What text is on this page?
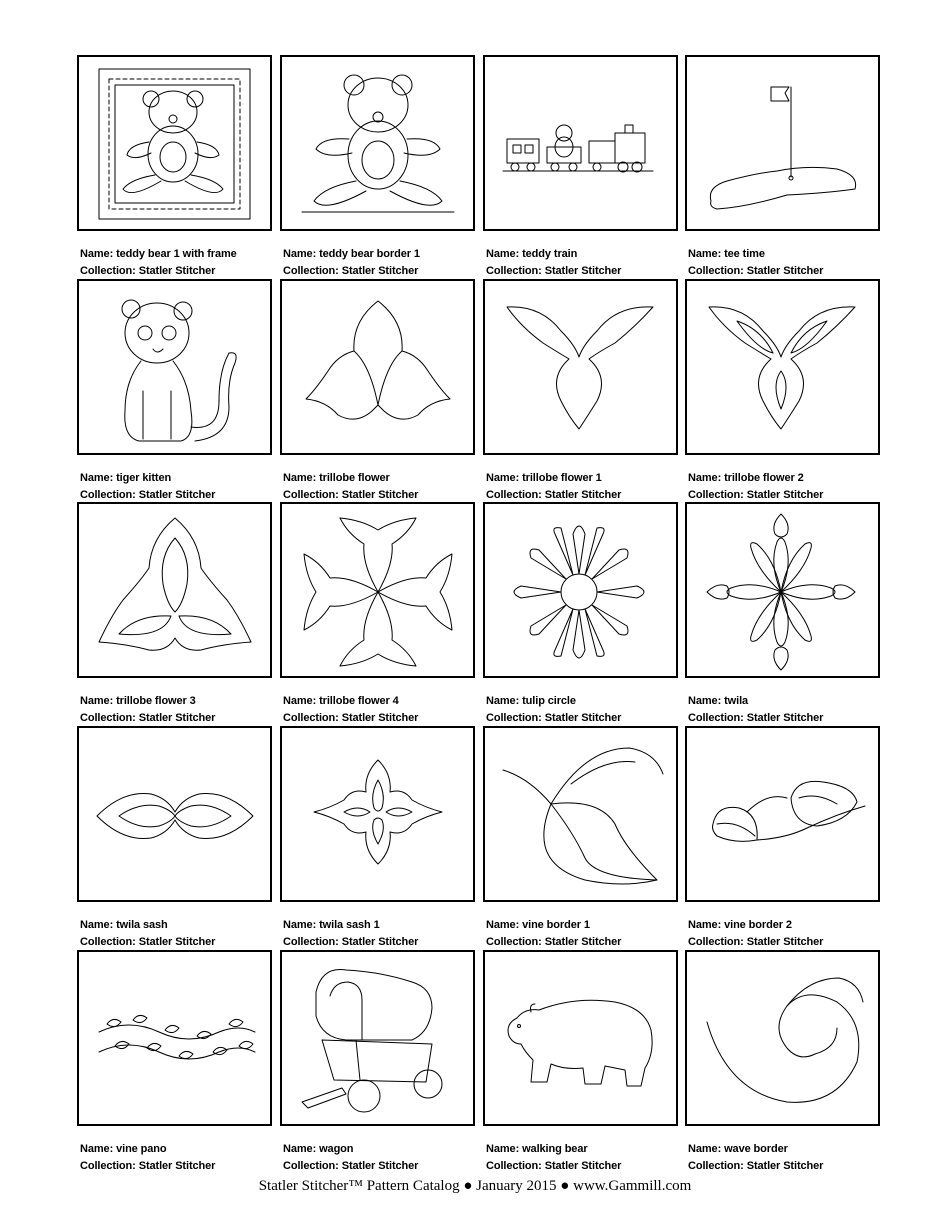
Name: teddy bear 1 with frame
Collection: Statler Stitcher
Name: teddy bear border 1
Collection: Statler Stitcher
Name: teddy train
Collection: Statler Stitcher
Name: tee time
Collection: Statler Stitcher
Name: tiger kitten
Collection: Statler Stitcher
Name: trillobe flower
Collection: Statler Stitcher
Name: trillobe flower 1
Collection: Statler Stitcher
Name: trillobe flower 2
Collection: Statler Stitcher
Name: trillobe flower 3
Collection: Statler Stitcher
Name: trillobe flower 4
Collection: Statler Stitcher
Name: tulip circle
Collection: Statler Stitcher
Name: twila
Collection: Statler Stitcher
Name: twila sash
Collection: Statler Stitcher
Name: twila sash 1
Collection: Statler Stitcher
Name: vine border 1
Collection: Statler Stitcher
Name: vine border 2
Collection: Statler Stitcher
Name: vine pano
Collection: Statler Stitcher
Name: wagon
Collection: Statler Stitcher
Name: walking bear
Collection: Statler Stitcher
Name: wave border
Collection: Statler Stitcher
Statler Stitcher™ Pattern Catalog ● January 2015 ● www.Gammill.com
